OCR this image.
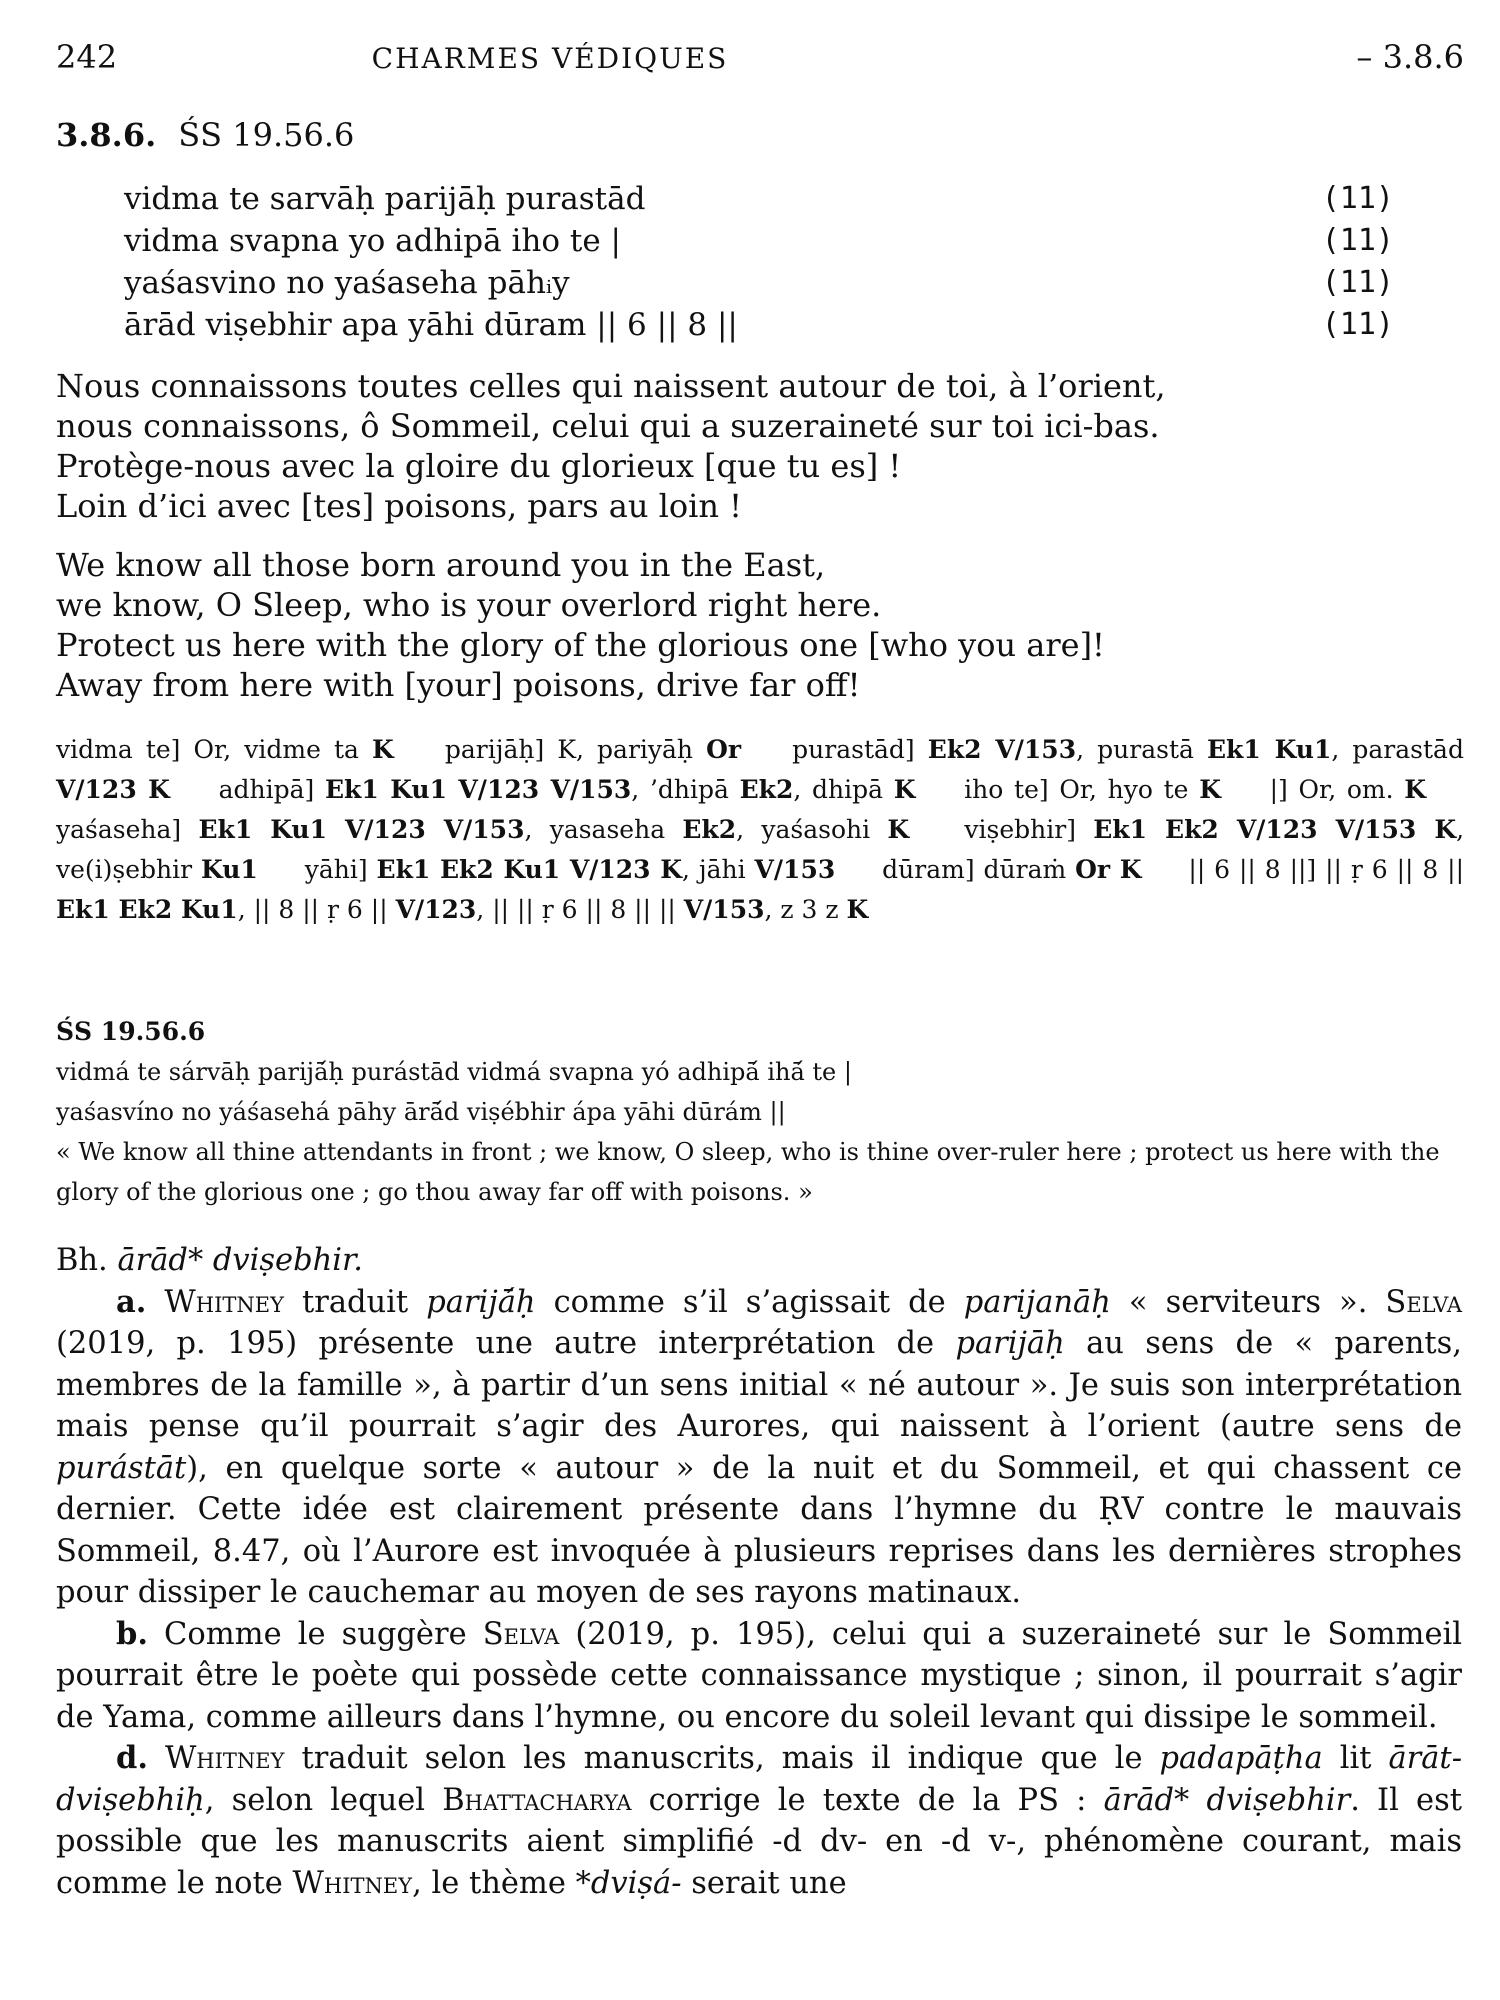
242	CHARMES VÉDIQUES	– 3.8.6
3.8.6. ŚS 19.56.6
vidma te sarvāḥ parijāḥ purastād	(11)
vidma svapna yo adhipā iho te |	(11)
yaśasvino no yaśaseha pāhᵢy	(11)
ārād viṣebhir apa yāhi dūram || 6 || 8 ||	(11)
Nous connaissons toutes celles qui naissent autour de toi, à l’orient,
nous connaissons, ô Sommeil, celui qui a suzeraineté sur toi ici-bas.
Protège-nous avec la gloire du glorieux [que tu es] !
Loin d’ici avec [tes] poisons, pars au loin !
We know all those born around you in the East,
we know, O Sleep, who is your overlord right here.
Protect us here with the glory of the glorious one [who you are]!
Away from here with [your] poisons, drive far off!
vidma te] Or, vidme ta K parijāḥ] K, pariyāḥ Or purastād] Ek2 V/153, purastā Ek1 Ku1, parastād V/123 K adhipā] Ek1 Ku1 V/123 V/153, ’dhipā Ek2, dhipā K iho te] Or, hyo te K |] Or, om. K yaśaseha] Ek1 Ku1 V/123 V/153, yasaseha Ek2, yaśasohi K viṣebhir] Ek1 Ek2 V/123 V/153 K, ve(i)ṣebhir Ku1 yāhi] Ek1 Ek2 Ku1 V/123 K, jāhi V/153 dūram] dūraṁ Or K || 6 || 8 ||] || ṛ 6 || 8 || Ek1 Ek2 Ku1, || 8 || ṛ 6 || V/123, || || ṛ 6 || 8 || || V/153, z 3 z K
ŚS 19.56.6
vidmá te sárvāḥ parijā́ḥ purástād vidmá svapna yó adhipā́ ihā́ te |
yaśasvíno no yáśasehá pāhy ārā́d viṣébhir ápa yāhi dūrám ||
« We know all thine attendants in front ; we know, O sleep, who is thine over-ruler here ; protect us here with the glory of the glorious one ; go thou away far off with poisons. »

Bh. ārād* dviṣebhir.

a. Whitney traduit parijā́ḥ comme s’il s’agissait de parijanāḥ « serviteurs ». Selva (2019, p. 195) présente une autre interprétation de parijāḥ au sens de « parents, membres de la famille », à partir d’un sens initial « né autour ». Je suis son interprétation mais pense qu’il pourrait s’agir des Aurores, qui naissent à l’orient (autre sens de purástāt), en quelque sorte « autour » de la nuit et du Sommeil, et qui chassent ce dernier. Cette idée est clairement présente dans l’hymne du ṚV contre le mauvais Sommeil, 8.47, où l’Aurore est invoquée à plusieurs reprises dans les dernières strophes pour dissiper le cauchemar au moyen de ses rayons matinaux.

b. Comme le suggère Selva (2019, p. 195), celui qui a suzeraineté sur le Sommeil pourrait être le poète qui possède cette connaissance mystique ; sinon, il pourrait s’agir de Yama, comme ailleurs dans l’hymne, ou encore du soleil levant qui dissipe le sommeil.

d. Whitney traduit selon les manuscrits, mais il indique que le padapāṭha lit ārāt-dviṣebhiḥ, selon lequel Bhattacharya corrige le texte de la PS : ārād* dviṣebhir. Il est possible que les manuscrits aient simplifié -d dv- en -d v-, phénomène courant, mais comme le note Whitney, le thème *dviṣá- serait une
